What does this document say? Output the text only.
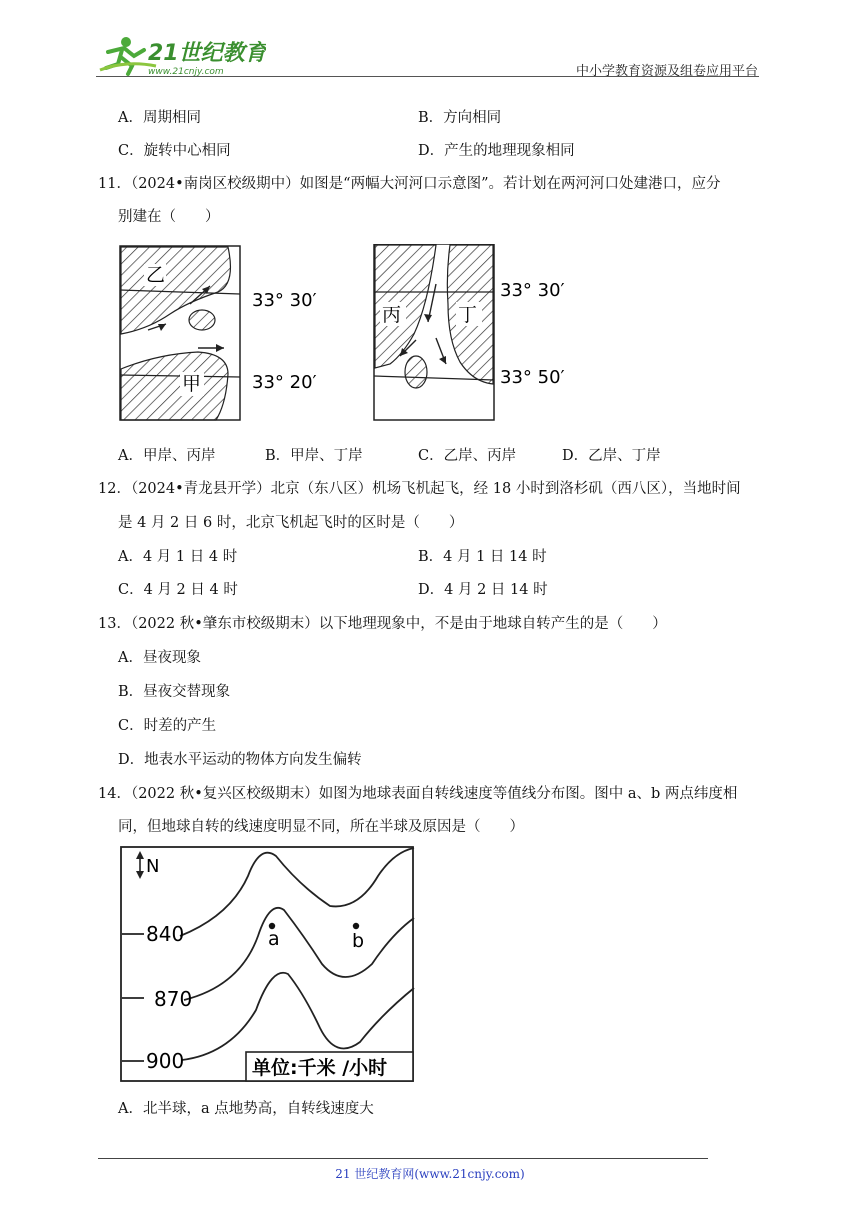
21世纪教育
www.21cnjy.com	中小学教育资源及组卷应用平台
A．周期相同	B．方向相同
C．旋转中心相同	D．产生的地理现象相同
11．（2024•南岗区校级期中）如图是“两幅大河河口示意图”。若计划在两河河口处建港口，应分
别建在（　　）
乙
甲
33° 30′
33° 20′
丙	丁
33° 30′
33° 50′
A．甲岸、丙岸	B．甲岸、丁岸	C．乙岸、丙岸	D．乙岸、丁岸
12．（2024•青龙县开学）北京（东八区）机场飞机起飞，经 18 小时到洛杉矶（西八区），当地时间
是 4 月 2 日 6 时，北京飞机起飞时的区时是（　　）
A．4 月 1 日 4 时	B．4 月 1 日 14 时
C．4 月 2 日 4 时	D．4 月 2 日 14 时
13．（2022 秋•肇东市校级期末）以下地理现象中，不是由于地球自转产生的是（　　）
A．昼夜现象
B．昼夜交替现象
C．时差的产生
D．地表水平运动的物体方向发生偏转
14．（2022 秋•复兴区校级期末）如图为地球表面自转线速度等值线分布图。图中 a、b 两点纬度相
同，但地球自转的线速度明显不同，所在半球及原因是（　　）
N
840
870
900
a	b
单位:千米 /小时
A．北半球，a 点地势高，自转线速度大
21 世纪教育网(www.21cnjy.com)
